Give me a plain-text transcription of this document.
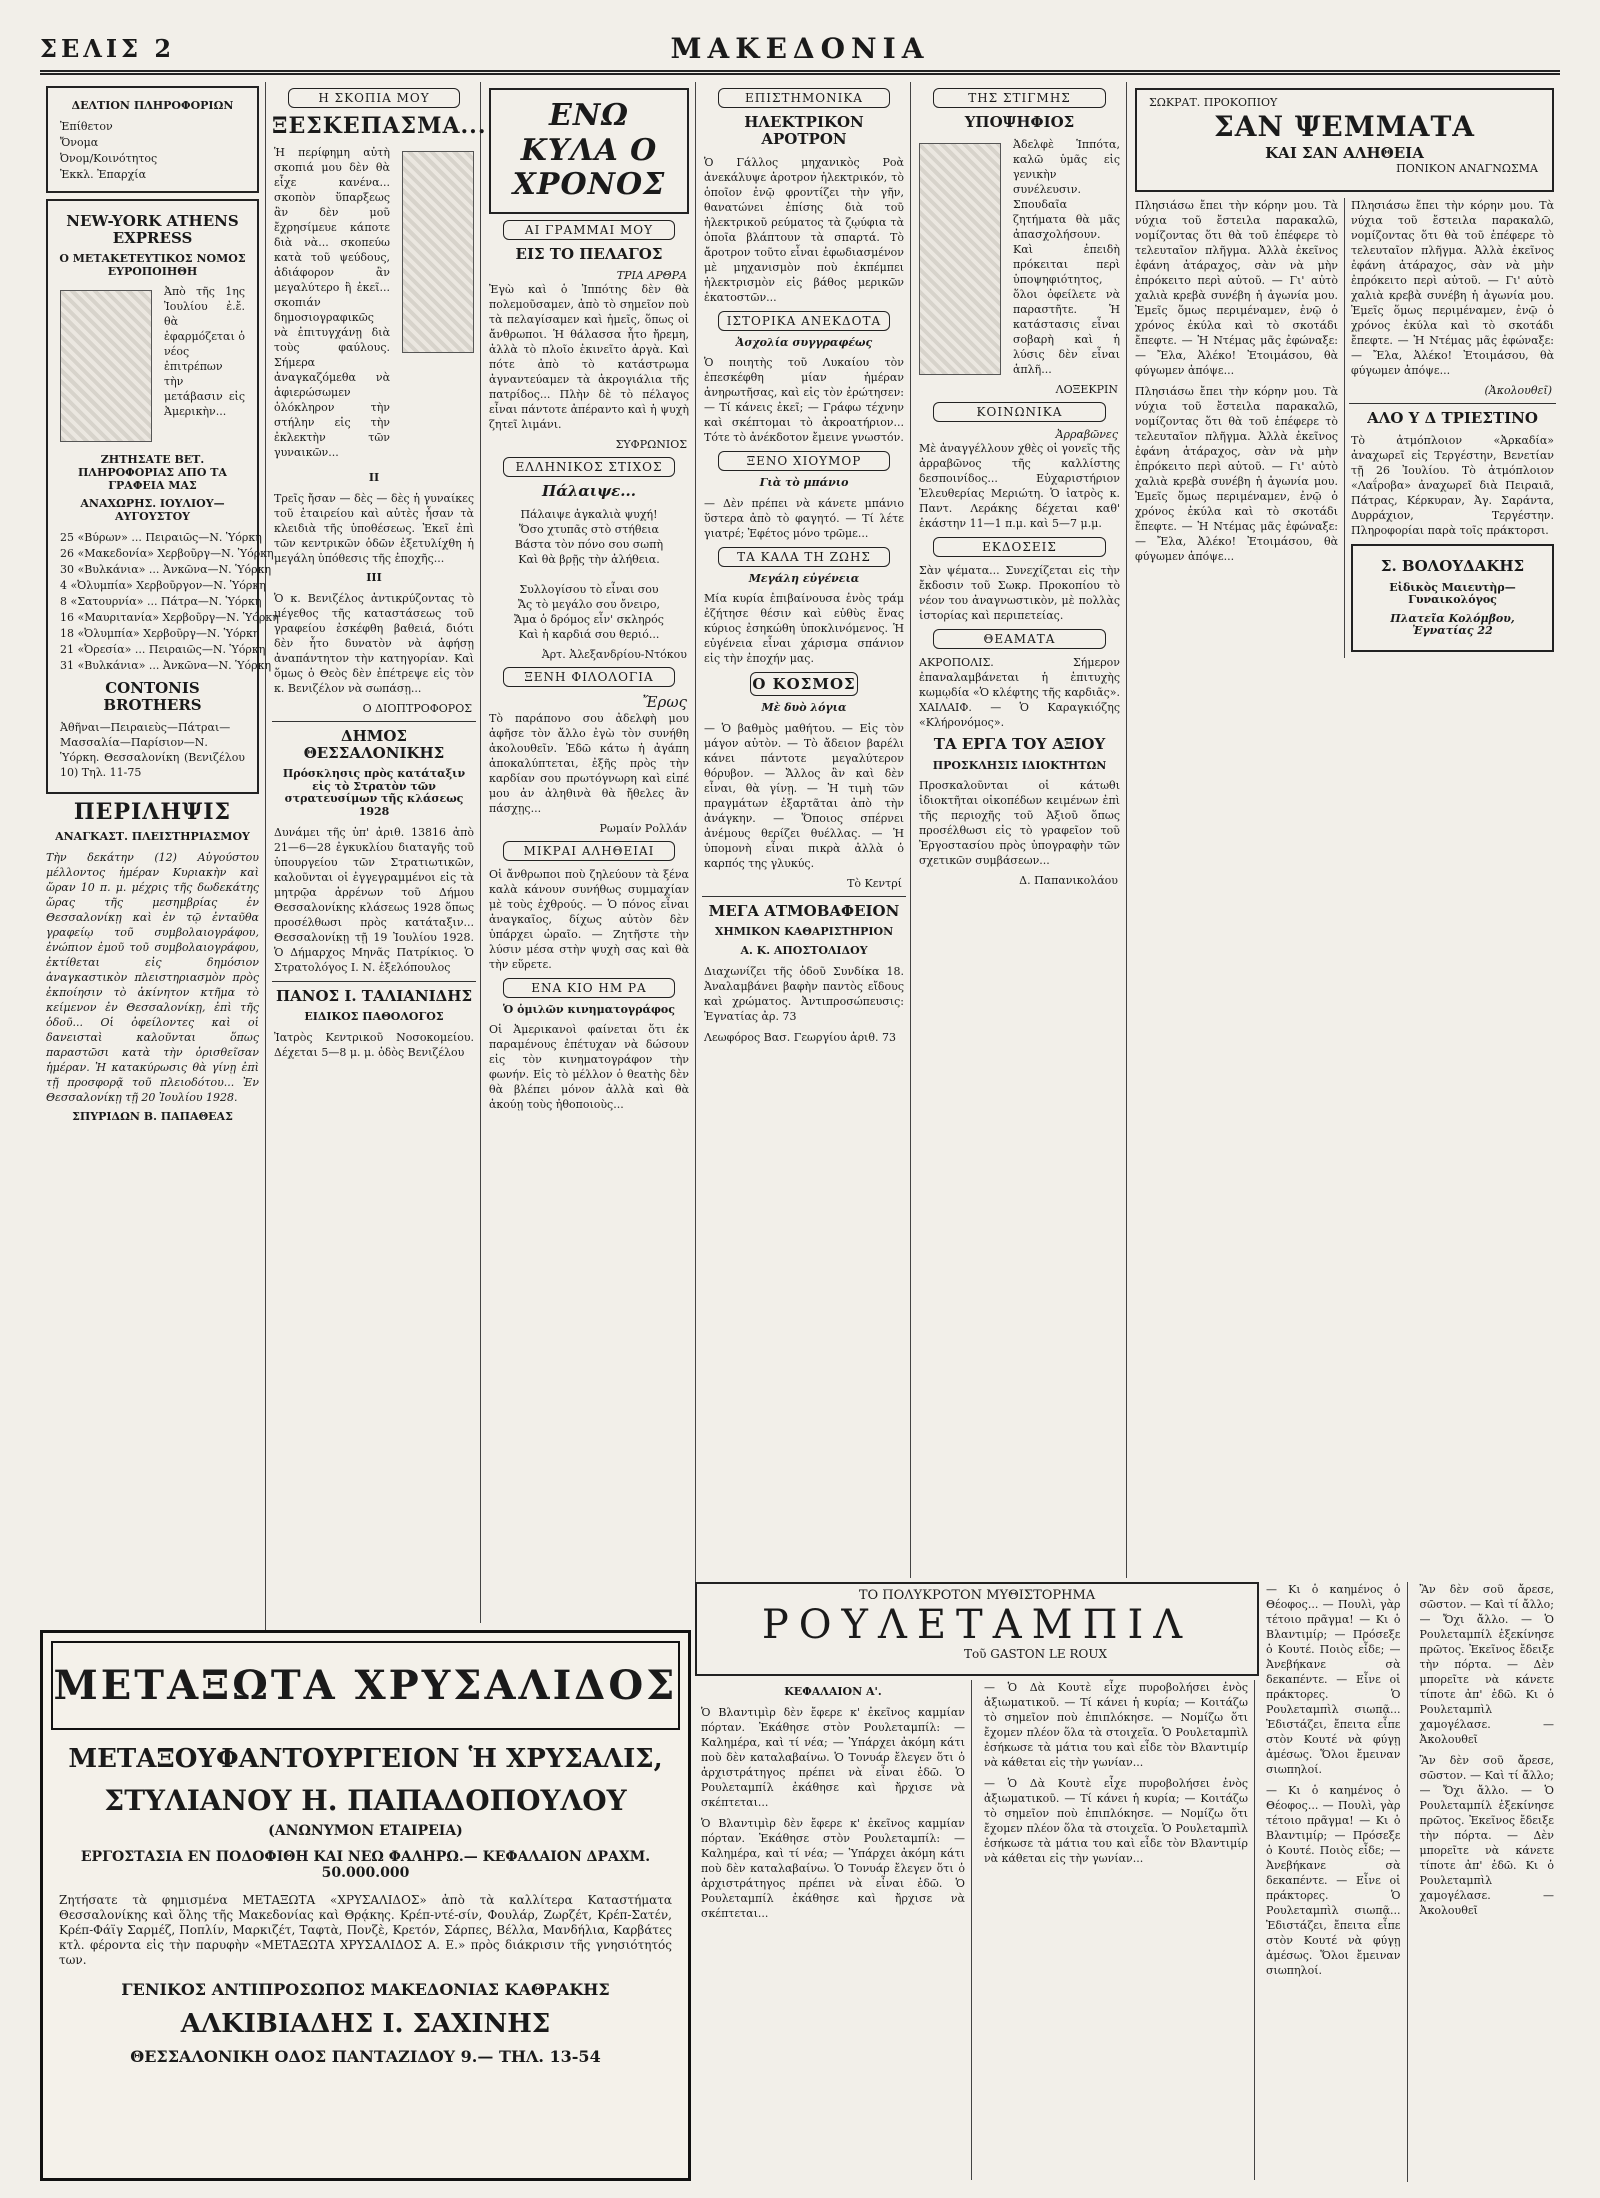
ΣΕΛΙΣ 2	ΜΑΚΕΔΟΝΙΑ
ΔΕΛΤΙΟΝ ΠΛΗΡΟΦΟΡΙΩΝ
Ἐπίθετον
Ὄνομα
Ὀνομ/Κοινότητος
Ἐκκλ. Ἐπαρχία
NEW-YORK ATHENS EXPRESS
Ο ΜΕΤΑΚΕΤΕΥΤΙΚΟΣ ΝΟΜΟΣ ΕΥΡΟΠΟΙΗΘΗ
Ἀπὸ τῆς 1ης Ἰουλίου ἐ.ἔ. θὰ ἐφαρμόζεται ὁ νέος ἐπιτρέπων τὴν μετάβασιν εἰς Ἀμερικὴν...
ΖΗΤΗΣΑΤΕ ΒΕΤ. ΠΛΗΡΟΦΟΡΙΑΣ ΑΠΟ ΤΑ ΓΡΑΦΕΙΑ ΜΑΣ
ΑΝΑΧΩΡΗΣ. ΙΟΥΛΙΟΥ—ΑΥΓΟΥΣΤΟΥ
25 «Βύρων» ... Πειραιῶς—Ν. Ὑόρκη
26 «Μακεδονία» Χερβοῦργ—Ν. Ὑόρκη
30 «Βυλκάνια» ... Ἀνκῶνα—Ν. Ὑόρκη
4 «Ὀλυμπία» Χερβοῦργον—Ν. Ὑόρκη
8 «Σατουρνία» ... Πάτρα—Ν. Ὑόρκη
16 «Μαυριτανία» Χερβοῦργ—Ν. Ὑόρκη
18 «Ὀλυμπία» Χερβοῦργ—Ν. Ὑόρκη
21 «Ὀρεσία» ... Πειραιῶς—Ν. Ὑόρκη
31 «Βυλκάνια» ... Ἀνκῶνα—Ν. Ὑόρκη
CONTONIS BROTHERS
Ἀθῆναι—Πειραιεὺς—Πάτραι—Μασσαλία—Παρίσιον—Ν. Ὑόρκη. Θεσσαλονίκη (Βενιζέλου 10) Τηλ. 11-75
ΠΕΡΙΛΗΨΙΣ
ΑΝΑΓΚΑΣΤ. ΠΛΕΙΣΤΗΡΙΑΣΜΟΥ
Τὴν δεκάτην (12) Αὐγούστου μέλλοντος ἡμέραν Κυριακὴν καὶ ὥραν 10 π. μ. μέχρις τῆς δωδεκάτης ὥρας τῆς μεσημβρίας ἐν Θεσσαλονίκῃ καὶ ἐν τῷ ἐνταῦθα γραφείῳ τοῦ συμβολαιογράφου, ἐνώπιον ἐμοῦ τοῦ συμβολαιογράφου, ἐκτίθεται εἰς δημόσιον ἀναγκαστικὸν πλειστηριασμὸν πρὸς ἐκποίησιν τὸ ἀκίνητον κτῆμα τὸ κείμενον ἐν Θεσσαλονίκῃ, ἐπὶ τῆς ὁδοῦ... Οἱ ὀφείλοντες καὶ οἱ δανεισταὶ καλοῦνται ὅπως παραστῶσι κατὰ τὴν ὁρισθεῖσαν ἡμέραν. Ἡ κατακύρωσις θὰ γίνῃ ἐπὶ τῇ προσφορᾷ τοῦ πλειοδότου... Ἐν Θεσσαλονίκῃ τῇ 20 Ἰουλίου 1928.
ΣΠΥΡΙΔΩΝ Β. ΠΑΠΑΘΕΑΣ
Η ΣΚΟΠΙΑ ΜΟΥ
ΞΕΣΚΕΠΑΣΜΑ...
Ἡ περίφημη αὐτὴ σκοπιά μου δὲν θὰ εἶχε κανένα... σκοπὸν ὕπαρξεως ἂν δὲν μοῦ ἔχρησίμευε κάποτε διὰ νὰ... σκοπεύω κατὰ τοῦ ψεύδους, ἀδιάφορον ἂν μεγαλύτερο ἢ ἐκεῖ... σκοπιάν δημοσιογραφικῶς νὰ ἐπιτυγχάνῃ διὰ τοὺς φαύλους. Σήμερα ἀναγκαζόμεθα νὰ ἀφιερώσωμεν ὁλόκληρον τὴν στήλην εἰς τὴν ἐκλεκτὴν τῶν γυναικῶν...
II
Τρεῖς ἤσαν — δὲς — δὲς ἡ γυναίκες τοῦ ἐταιρείου καὶ αὐτὲς ἦσαν τὰ κλειδιὰ τῆς ὑποθέσεως. Ἐκεῖ ἐπὶ τῶν κεντρικῶν ὁδῶν ἐξετυλίχθη ἡ μεγάλη ὑπόθεσις τῆς ἐποχῆς...
III
Ὁ κ. Βενιζέλος ἀντικρύζοντας τὸ μέγεθος τῆς καταστάσεως τοῦ γραφείου ἐσκέφθη βαθειά, διότι δὲν ἦτο δυνατὸν νὰ ἀφήσῃ ἀναπάντητον τὴν κατηγορίαν. Καὶ ὅμως ὁ Θεὸς δὲν ἐπέτρεψε εἰς τὸν κ. Βενιζέλον νὰ σωπάσῃ...
Ο ΔΙΟΠΤΡΟΦΟΡΟΣ
ΔΗΜΟΣ ΘΕΣΣΑΛΟΝΙΚΗΣ
Πρόσκλησις πρὸς κατάταξιν εἰς τὸ Στρατὸν τῶν στρατευσίμων τῆς κλάσεως 1928
Δυνάμει τῆς ὑπ' ἀριθ. 13816 ἀπὸ 21—6—28 ἐγκυκλίου διαταγῆς τοῦ ὑπουργείου τῶν Στρατιωτικῶν, καλοῦνται οἱ ἐγγεγραμμένοι εἰς τὰ μητρῷα ἀρρένων τοῦ Δήμου Θεσσαλονίκης κλάσεως 1928 ὅπως προσέλθωσι πρὸς κατάταξιν... Θεσσαλονίκῃ τῇ 19 Ἰουλίου 1928. Ὁ Δήμαρχος Μηνᾶς Πατρίκιος. Ὁ Στρατολόγος Ι. Ν. ἐξελόπουλος
ΠΑΝΟΣ Ι. ΤΑΛΙΑΝΙΔΗΣ
ΕΙΔΙΚΟΣ ΠΑΘΟΛΟΓΟΣ
Ἰατρὸς Κεντρικοῦ Νοσοκομείου. Δέχεται 5—8 μ. μ. ὁδὸς Βενιζέλου
ΕΝΩ ΚΥΛΑ Ο ΧΡΟΝΟΣ
ΑΙ ΓΡΑΜΜΑΙ ΜΟΥ
ΕΙΣ ΤΟ ΠΕΛΑΓΟΣ
ΤΡΙΑ ΑΡΘΡΑ
Ἐγὼ καὶ ὁ Ἰππότης δὲν θὰ πολεμοῦσαμεν, ἀπὸ τὸ σημεῖον ποὺ τὰ πελαγίσαμεν καὶ ἡμεῖς, ὅπως οἱ ἄνθρωποι. Ἡ θάλασσα ἦτο ἤρεμη, ἀλλὰ τὸ πλοῖο ἐκινεῖτο ἀργὰ. Καὶ πότε ἀπὸ τὸ κατάστρωμα ἀγναντεύαμεν τὰ ἀκρογιάλια τῆς πατρίδος... Πλὴν δὲ τὸ πέλαγος εἶναι πάντοτε ἀπέραντο καὶ ἡ ψυχὴ ζητεῖ λιμάνι.
ΣΥΦΡΩΝΙΟΣ
ΕΛΛΗΝΙΚΟΣ ΣΤΙΧΟΣ
Πάλαιψε...
Πάλαιψε ἀγκαλιὰ ψυχή!
Ὅσο χτυπᾶς στὸ στήθεια
Βάστα τὸν πόνο σου σωπὴ
Καὶ θὰ βρῇς τὴν ἀλήθεια.

Συλλογίσου τὸ εἶναι σου
Ἄς τὸ μεγάλο σου ὄνειρο,
Ἄμα ὁ δρόμος εἶν' σκληρός
Καὶ ἡ καρδιά σου θεριό...
Ἀρτ. Ἀλεξανδρίου-Ντόκου
ΞΕΝΗ ΦΙΛΟΛΟΓΙΑ
Ἔρως
Τὸ παράπονο σου ἀδελφὴ μου ἀφῆσε τὸν ἄλλο ἐγὼ τὸν συνήθη ἀκολουθεῖν. Ἐδῶ κάτω ἡ ἀγάπη ἀποκαλύπτεται, ἐξῆς πρὸς τὴν καρδίαν σου πρωτόγνωρη καὶ εἰπέ μου ἀν ἀληθινὰ θὰ ἤθελες ἂν πάσχῃς...
Ρωμαίν Ρολλάν
ΜΙΚΡΑΙ ΑΛΗΘΕΙΑΙ
Οἱ ἄνθρωποι ποὺ ζηλεύουν τὰ ξένα καλὰ κάνουν συνήθως συμμαχίαν μὲ τοὺς ἐχθρούς. — Ὁ πόνος εἶναι ἀναγκαῖος, δίχως αὐτὸν δὲν ὑπάρχει ὡραῖο. — Ζητῆστε τὴν λύσιν μέσα στὴν ψυχὴ σας καὶ θὰ τὴν εὕρετε.
ΕΝΑ ΚΙΟ ΗΜ ΡΑ
Ὁ ὁμιλῶν κινηματογράφος
Οἱ Ἀμερικανοὶ φαίνεται ὅτι ἐκ παραμένους ἐπέτυχαν νὰ δώσουν εἰς τὸν κινηματογράφον τὴν φωνήν. Εἰς τὸ μέλλον ὁ θεατὴς δὲν θὰ βλέπει μόνον ἀλλὰ καὶ θὰ ἀκούῃ τοὺς ἠθοποιοὺς...
ΕΠΙΣΤΗΜΟΝΙΚΑ
ΗΛΕΚΤΡΙΚΟΝ ΑΡΟΤΡΟΝ
Ὁ Γάλλος μηχανικὸς Ροὰ ἀνεκάλυψε ἀροτρον ἠλεκτρικόν, τὸ ὁποῖον ἐνῷ φροντίζει τὴν γῆν, θανατώνει ἐπίσης διὰ τοῦ ἠλεκτρικοῦ ρεύματος τὰ ζῳύφια τὰ ὁποῖα βλάπτουν τὰ σπαρτά. Τὸ ἄροτρον τοῦτο εἶναι ἐφωδιασμένον μὲ μηχανισμὸν ποὺ ἐκπέμπει ἠλεκτρισμὸν εἰς βάθος μερικῶν ἑκατοστῶν...
ΙΣΤΟΡΙΚΑ ΑΝΕΚΔΟΤΑ
Ἀσχολία συγγραφέως
Ὁ ποιητὴς τοῦ Λυκαίου τὸν ἐπεσκέφθη μίαν ἡμέραν ἀνηρωτῆσας, καὶ εἰς τὸν ἐρώτησεν: — Τί κάνεις ἐκεῖ; — Γράφω τέχνην καὶ σκέπτομαι τὸ ἀκροατήριον... Τότε τὸ ἀνέκδοτον ἔμεινε γνωστόν.
ΞΕΝΟ ΧΙΟΥΜΟΡ
Γιὰ τὸ μπάνιο
— Δὲν πρέπει νὰ κάνετε μπάνιο ὕστερα ἀπὸ τὸ φαγητό. — Τί λέτε γιατρέ; Ἐφέτος μόνο τρῶμε...
ΤΑ ΚΑΛΑ ΤΗ ΖΩΗΣ
Μεγάλη εὐγένεια
Μία κυρία ἐπιβαίνουσα ἑνὸς τράμ ἐζήτησε θέσιν καὶ εὐθὺς ἕνας κύριος ἐσηκώθη ὑποκλινόμενος. Ἡ εὐγένεια εἶναι χάρισμα σπάνιον εἰς τὴν ἐποχήν μας.
Ο ΚΟΣΜΟΣ
Μὲ δυὸ λόγια
— Ὁ βαθμὸς μαθήτου. — Εἰς τὸν μάγον αὐτὸν. — Τὸ ἄδειον βαρέλι κάνει πάντοτε μεγαλύτερον θόρυβον. — Ἄλλος ἂν καὶ δὲν εἶναι, θὰ γίνῃ. — Ἡ τιμὴ τῶν πραγμάτων ἐξαρτᾶται ἀπὸ τὴν ἀνάγκην. — Ὅποιος σπέρνει ἀνέμους θερίζει θυέλλας. — Ἡ ὑπομονὴ εἶναι πικρὰ ἀλλὰ ὁ καρπός της γλυκύς.
Τὸ Κεντρί
ΜΕΓΑ ΑΤΜΟΒΑΦΕΙΟΝ
ΧΗΜΙΚΟΝ ΚΑΘΑΡΙΣΤΗΡΙΟΝ
Α. Κ. ΑΠΟΣΤΟΛΙΔΟΥ
Διαχωνίζει τῆς ὁδοῦ Συνδίκα 18. Ἀναλαμβάνει βαφὴν παντὸς εἴδους καὶ χρώματος. Ἀντιπροσώπευσις: Ἐγνατίας ἀρ. 73
Λεωφόρος Βασ. Γεωργίου ἀριθ. 73
ΤΗΣ ΣΤΙΓΜΗΣ
ΥΠΟΨΗΦΙΟΣ
Ἀδελφὲ Ἱππότα, καλῶ ὑμᾶς εἰς γενικὴν συνέλευσιν. Σπουδαῖα ζητήματα θὰ μᾶς ἀπασχολήσουν. Καὶ ἐπειδὴ πρόκειται περὶ ὑποψηφιότητος, ὅλοι ὀφείλετε νὰ παραστῆτε. Ἡ κατάστασις εἶναι σοβαρὴ καὶ ἡ λύσις δὲν εἶναι ἁπλῆ...
ΛΟΞΕΚΡΙΝ
ΚΟΙΝΩΝΙΚΑ
Ἀρραβῶνες
Μὲ ἀναγγέλλουν χθὲς οἱ γονεῖς τῆς ἀρραβῶνος τῆς καλλίστης δεσποινίδος... Εὐχαριστήριον Ἐλευθερίας Μεριώτη. Ὁ ἰατρὸς κ. Παντ. Λεράκης δέχεται καθ' ἑκάστην 11—1 π.μ. καὶ 5—7 μ.μ.
ΕΚΔΟΣΕΙΣ
Σὰν ψέματα... Συνεχίζεται εἰς τὴν ἔκδοσιν τοῦ Σωκρ. Προκοπίου τὸ νέον του ἀναγνωστικὸν, μὲ πολλὰς ἱστορίας καὶ περιπετείας.
ΘΕΑΜΑΤΑ
ΑΚΡΟΠΟΛΙΣ. Σήμερον ἐπαναλαμβάνεται ἡ ἐπιτυχὴς κωμῳδία «Ὁ κλέφτης τῆς καρδιᾶς». ΧΑΙΛΑΙΦ. — Ὁ Καραγκιόζης «Κλήρονόμος».
ΤΑ ΕΡΓΑ ΤΟΥ ΑΞΙΟΥ
ΠΡΟΣΚΛΗΣΙΣ ΙΔΙΟΚΤΗΤΩΝ
Προσκαλοῦνται οἱ κάτωθι ἰδιοκτῆται οἰκοπέδων κειμένων ἐπὶ τῆς περιοχῆς τοῦ Ἀξιοῦ ὅπως προσέλθωσι εἰς τὸ γραφεῖον τοῦ Ἐργοστασίου πρὸς ὑπογραφὴν τῶν σχετικῶν συμβάσεων...
Δ. Παπανικολάου
ΣΩΚΡΑΤ. ΠΡΟΚΟΠΙΟΥ
ΣΑΝ ΨΕΜΜΑΤΑ
ΚΑΙ ΣΑΝ ΑΛΗΘΕΙΑ
ΠΟΝΙΚΟΝ ΑΝΑΓΝΩΣΜΑ
Πλησιάσω ἔπει τὴν κόρην μου. Τὰ νύχια τοῦ ἔστειλα παρακαλῶ, νομίζοντας ὅτι θὰ τοῦ ἐπέφερε τὸ τελευταῖον πλῆγμα. Ἀλλὰ ἐκεῖνος ἐφάνη ἀτάραχος, σὰν νὰ μὴν ἐπρόκειτο περὶ αὐτοῦ. — Γι' αὐτὸ χαλιὰ κρεβὰ συνέβη ἡ ἀγωνία μου. Ἐμεῖς ὅμως περιμέναμεν, ἐνῷ ὁ χρόνος ἐκύλα καὶ τὸ σκοτάδι ἔπεφτε. — Ἡ Ντέμας μᾶς ἐφώναξε: — Ἔλα, Ἀλέκο! Ἐτοιμάσου, θὰ φύγωμεν ἀπόψε...
Πλησιάσω ἔπει τὴν κόρην μου. Τὰ νύχια τοῦ ἔστειλα παρακαλῶ, νομίζοντας ὅτι θὰ τοῦ ἐπέφερε τὸ τελευταῖον πλῆγμα. Ἀλλὰ ἐκεῖνος ἐφάνη ἀτάραχος, σὰν νὰ μὴν ἐπρόκειτο περὶ αὐτοῦ. — Γι' αὐτὸ χαλιὰ κρεβὰ συνέβη ἡ ἀγωνία μου. Ἐμεῖς ὅμως περιμέναμεν, ἐνῷ ὁ χρόνος ἐκύλα καὶ τὸ σκοτάδι ἔπεφτε. — Ἡ Ντέμας μᾶς ἐφώναξε: — Ἔλα, Ἀλέκο! Ἐτοιμάσου, θὰ φύγωμεν ἀπόψε...
Πλησιάσω ἔπει τὴν κόρην μου. Τὰ νύχια τοῦ ἔστειλα παρακαλῶ, νομίζοντας ὅτι θὰ τοῦ ἐπέφερε τὸ τελευταῖον πλῆγμα. Ἀλλὰ ἐκεῖνος ἐφάνη ἀτάραχος, σὰν νὰ μὴν ἐπρόκειτο περὶ αὐτοῦ. — Γι' αὐτὸ χαλιὰ κρεβὰ συνέβη ἡ ἀγωνία μου. Ἐμεῖς ὅμως περιμέναμεν, ἐνῷ ὁ χρόνος ἐκύλα καὶ τὸ σκοτάδι ἔπεφτε. — Ἡ Ντέμας μᾶς ἐφώναξε: — Ἔλα, Ἀλέκο! Ἐτοιμάσου, θὰ φύγωμεν ἀπόψε...
(Ἀκολουθεῖ)
ΑΛΟ Υ Δ ΤΡΙΕΣΤΙΝΟ
Τὸ ἀτμόπλοιον «Ἀρκαδία» ἀναχωρεῖ εἰς Τεργέστην, Βενετίαν τῇ 26 Ἰουλίου. Τὸ ἀτμόπλοιον «Λαΐροβα» ἀναχωρεῖ διὰ Πειραιᾶ, Πάτρας, Κέρκυραν, Ἀγ. Σαράντα, Δυρράχιον, Τεργέστην. Πληροφορίαι παρὰ τοῖς πράκτορσι.
Σ. ΒΟΛΟΥΔΑΚΗΣ
Εἰδικὸς Μαιευτὴρ—Γυναικολόγος
Πλατεῖα Κολόμβου, Ἐγνατίας 22
ΜΕΤΑΞΩΤΑ ΧΡΥΣΑΛΙΔΟΣ
ΜΕΤΑΞΟΥΦΑΝΤΟΥΡΓΕΙΟΝ Ἡ ΧΡΥΣΑΛΙΣ,
ΣΤΥΛΙΑΝΟΥ Η. ΠΑΠΑΔΟΠΟΥΛΟΥ
(ΑΝΩΝΥΜΟΝ ΕΤΑΙΡΕΙΑ)
ΕΡΓΟΣΤΑΣΙΑ ΕΝ ΠΟΔΟΦΙΘΗ ΚΑΙ ΝΕΩ ΦΑΛΗΡΩ.— ΚΕΦΑΛΑΙΟΝ ΔΡΑΧΜ. 50.000.000
Ζητήσατε τὰ φημισμένα ΜΕΤΑΞΩΤΑ «ΧΡΥΣΑΛΙΔΟΣ» ἀπὸ τὰ καλλίτερα Καταστήματα Θεσσαλονίκης καὶ ὅλης τῆς Μακεδονίας καὶ Θρᾴκης. Κρέπ-ντέ-σίν, Φουλάρ, Ζωρζέτ, Κρέπ-Σατέν, Κρέπ-Φάϊγ Σαρμέζ, Ποπλίν, Μαρκιζέτ, Ταφτὰ, Πονζὲ, Κρετόν, Σάρπες, Βέλλα, Μανδήλια, Καρβάτες κτλ. φέροντα εἰς τὴν παρυφὴν «ΜΕΤΑΞΩΤΑ ΧΡΥΣΑΛΙΔΟΣ Α. Ε.» πρὸς διάκρισιν τῆς γνησιότητός των.
ΓΕΝΙΚΟΣ ΑΝΤΙΠΡΟΣΩΠΟΣ ΜΑΚΕΔΟΝΙΑΣ ΚΑΘΡΑΚΗΣ
ΑΛΚΙΒΙΑΔΗΣ Ι. ΣΑΧΙΝΗΣ
ΘΕΣΣΑΛΟΝΙΚΗ ΟΔΟΣ ΠΑΝΤΑΖΙΔΟΥ 9.— ΤΗΛ. 13-54
ΤΟ ΠΟΛΥΚΡΟΤΟΝ ΜΥΘΙΣΤΟΡΗΜΑ
ΡΟΥΛΕΤΑΜΠΙΛ
Τοῦ GASTON LE ROUX
ΚΕΦΑΛΑΙΟΝ Α'.
Ὁ Βλαντιμὶρ δὲν ἔφερε κ' ἐκεῖνος καμμίαν πόρταν. Ἐκάθησε στὸν Ρουλεταμπίλ: — Καλημέρα, καὶ τί νέα; — Ὑπάρχει ἀκόμη κάτι ποὺ δὲν καταλαβαίνω. Ὁ Τονυάρ ἔλεγεν ὅτι ὁ ἀρχιστράτηγος πρέπει νὰ εἶναι ἐδῶ. Ὁ Ρουλεταμπίλ ἐκάθησε καὶ ἤρχισε νὰ σκέπτεται...
Ὁ Βλαντιμὶρ δὲν ἔφερε κ' ἐκεῖνος καμμίαν πόρταν. Ἐκάθησε στὸν Ρουλεταμπίλ: — Καλημέρα, καὶ τί νέα; — Ὑπάρχει ἀκόμη κάτι ποὺ δὲν καταλαβαίνω. Ὁ Τονυάρ ἔλεγεν ὅτι ὁ ἀρχιστράτηγος πρέπει νὰ εἶναι ἐδῶ. Ὁ Ρουλεταμπίλ ἐκάθησε καὶ ἤρχισε νὰ σκέπτεται...
— Ὁ Δὰ Κουτὲ εἶχε πυροβολήσει ἐνὸς ἀξιωματικοῦ. — Τί κάνει ἡ κυρία; — Κοιτάζω τὸ σημεῖον ποὺ ἐπιπλόκησε. — Νομίζω ὅτι ἔχομεν πλέον ὅλα τὰ στοιχεῖα. Ὁ Ρουλεταμπὶλ ἐσήκωσε τὰ μάτια του καὶ εἶδε τὸν Βλαντιμίρ νὰ κάθεται εἰς τὴν γωνίαν...
— Ὁ Δὰ Κουτὲ εἶχε πυροβολήσει ἐνὸς ἀξιωματικοῦ. — Τί κάνει ἡ κυρία; — Κοιτάζω τὸ σημεῖον ποὺ ἐπιπλόκησε. — Νομίζω ὅτι ἔχομεν πλέον ὅλα τὰ στοιχεῖα. Ὁ Ρουλεταμπὶλ ἐσήκωσε τὰ μάτια του καὶ εἶδε τὸν Βλαντιμίρ νὰ κάθεται εἰς τὴν γωνίαν...
— Κι ὁ καημένος ὁ Θέοφος... — Πουλὶ, γὰρ τέτοιο πρᾶγμα! — Κι ὁ Βλαντιμίρ; — Πρόσεξε ὁ Κουτέ. Ποιὸς εἶδε; — Ἀνεβήκανε σὰ δεκαπέντε. — Εἶνε οἱ πράκτορες. Ὁ Ρουλεταμπὶλ σιωπᾷ... Ἐδιστάζει, ἔπειτα εἶπε στὸν Κουτέ νὰ φύγῃ ἀμέσως. Ὅλοι ἔμειναν σιωπηλοί.
— Κι ὁ καημένος ὁ Θέοφος... — Πουλὶ, γὰρ τέτοιο πρᾶγμα! — Κι ὁ Βλαντιμίρ; — Πρόσεξε ὁ Κουτέ. Ποιὸς εἶδε; — Ἀνεβήκανε σὰ δεκαπέντε. — Εἶνε οἱ πράκτορες. Ὁ Ρουλεταμπὶλ σιωπᾷ... Ἐδιστάζει, ἔπειτα εἶπε στὸν Κουτέ νὰ φύγῃ ἀμέσως. Ὅλοι ἔμειναν σιωπηλοί.
Ἂν δὲν σοῦ ἄρεσε, σῶστον. — Καὶ τί ἄλλο; — Ὄχι ἄλλο. — Ὁ Ρουλεταμπίλ ἐξεκίνησε πρῶτος. Ἐκεῖνος ἔδειξε τὴν πόρτα. — Δὲν μπορεῖτε νὰ κάνετε τίποτε ἀπ' ἐδῶ. Κι ὁ Ρουλεταμπὶλ χαμογέλασε. — Ἀκολουθεῖ
Ἂν δὲν σοῦ ἄρεσε, σῶστον. — Καὶ τί ἄλλο; — Ὄχι ἄλλο. — Ὁ Ρουλεταμπίλ ἐξεκίνησε πρῶτος. Ἐκεῖνος ἔδειξε τὴν πόρτα. — Δὲν μπορεῖτε νὰ κάνετε τίποτε ἀπ' ἐδῶ. Κι ὁ Ρουλεταμπὶλ χαμογέλασε. — Ἀκολουθεῖ
